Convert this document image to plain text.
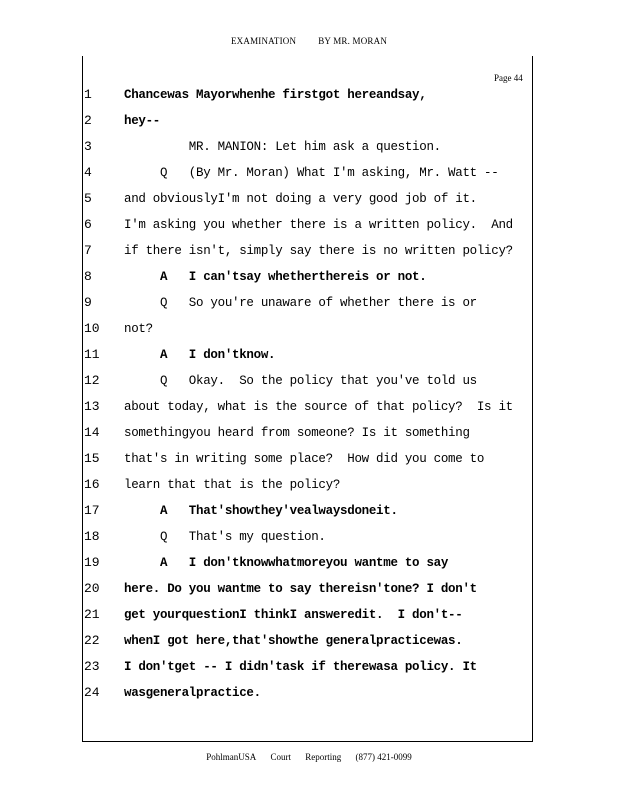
EXAMINATION BY MR. MORAN
Page 44
1	Chancewas Mayorwhenhe firstgot hereandsay,
2	hey--
3	MR. MANION: Let him ask a question.
4	Q   (By Mr. Moran) What I'm asking, Mr. Watt --
5	and obviouslyI'm not doing a very good job of it.
6	I'm asking you whether there is a written policy.  And
7	if there isn't, simply say there is no written policy?
8	A   I can'tsay whetherthereis or not.
9	Q   So you're unaware of whether there is or
10	not?
11	A   I don'tknow.
12	Q   Okay.  So the policy that you've told us
13	about today, what is the source of that policy?  Is it
14	somethingyou heard from someone? Is it something
15	that's in writing some place?  How did you come to
16	learn that that is the policy?
17	A   That'showthey'vealwaysdoneit.
18	Q   That's my question.
19	A   I don'tknowwhatmoreyou wantme to say
20	here. Do you wantme to say thereisn'tone? I don't
21	get yourquestionI thinkI answeredit.  I don't--
22	whenI got here,that'showthe generalpracticewas.
23	I don'tget -- I didn'task if therewasa policy. It
24	wasgeneralpractice.
PohlmanUSA Court Reporting (877) 421-0099
